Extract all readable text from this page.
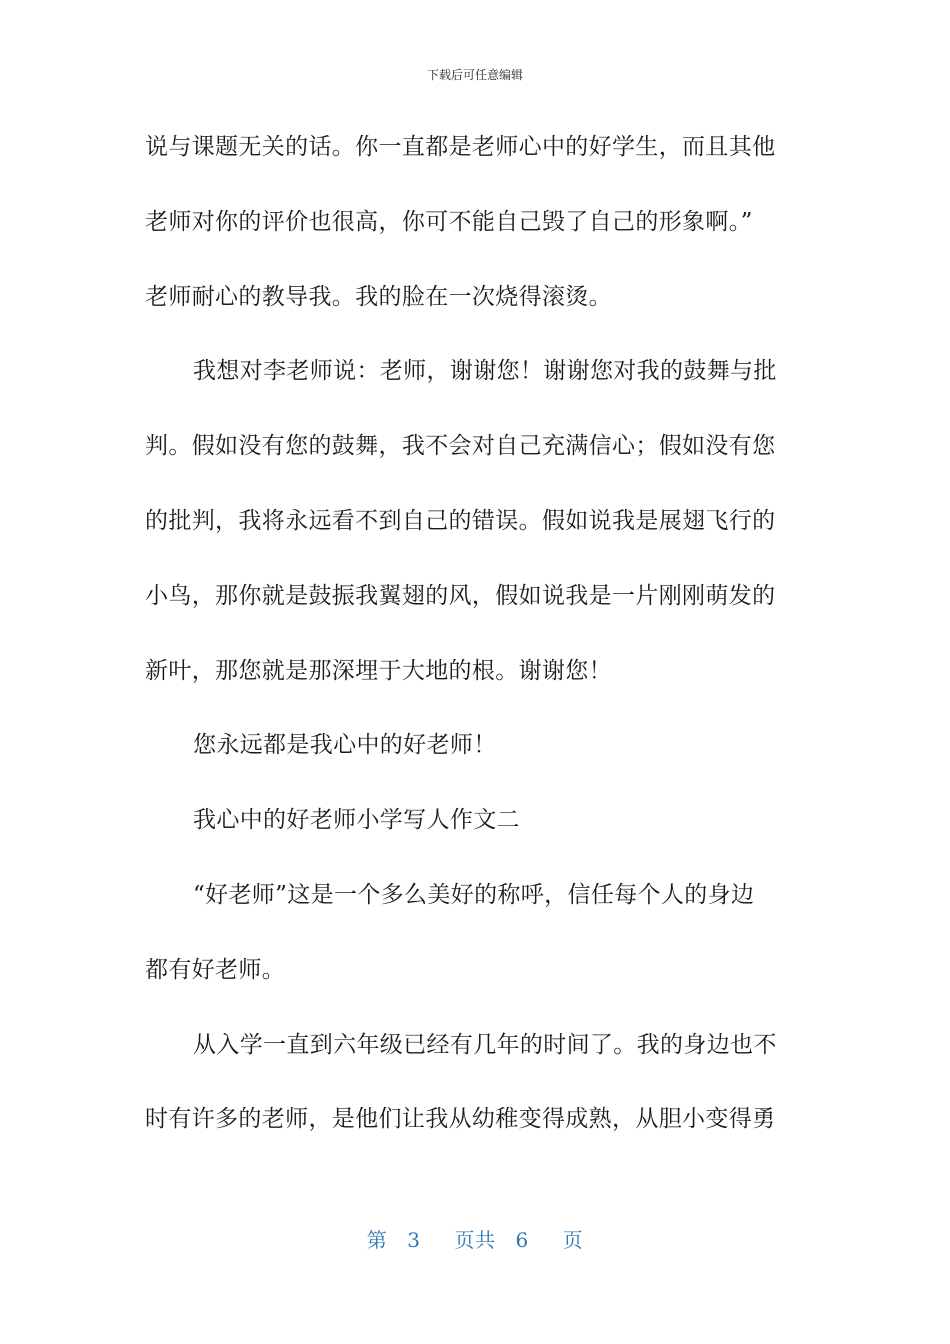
下载后可任意编辑
说与课题无关的话。你一直都是老师心中的好学生，而且其他
老师对你的评价也很高，你可不能自己毁了自己的形象啊。”
老师耐心的教导我。我的脸在一次烧得滚烫。
我想对李老师说：老师，谢谢您！谢谢您对我的鼓舞与批
判。假如没有您的鼓舞，我不会对自己充满信心；假如没有您
的批判，我将永远看不到自己的错误。假如说我是展翅飞行的
小鸟，那你就是鼓振我翼翅的风，假如说我是一片刚刚萌发的
新叶，那您就是那深埋于大地的根。谢谢您！
您永远都是我心中的好老师！
我心中的好老师小学写人作文二
“好老师”这是一个多么美好的称呼，信任每个人的身边
都有好老师。
从入学一直到六年级已经有几年的时间了。我的身边也不
时有许多的老师，是他们让我从幼稚变得成熟，从胆小变得勇
第 3 页共 6 页
